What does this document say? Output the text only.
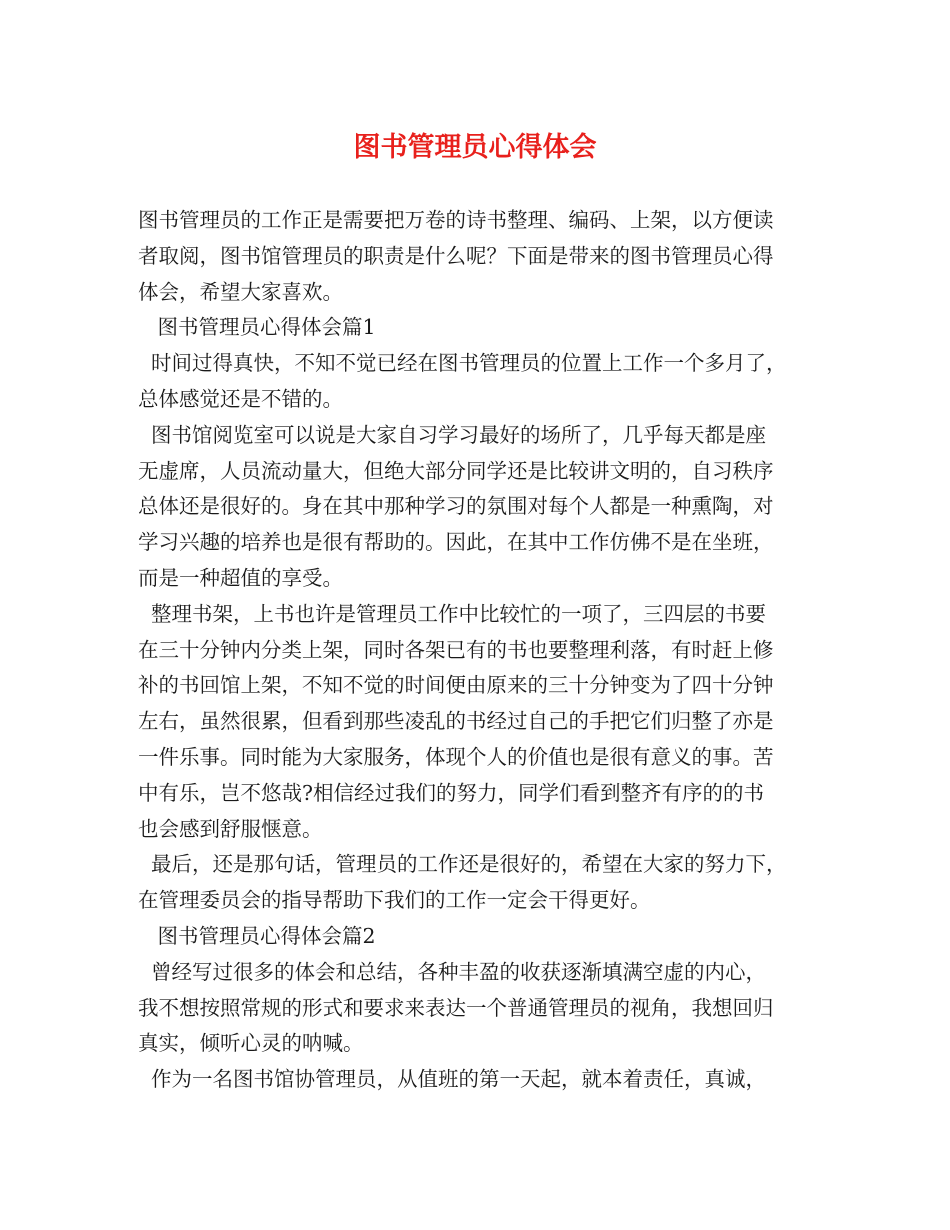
图书管理员心得体会
图书管理员的工作正是需要把万卷的诗书整理、编码、上架，以方便读
者取阅，图书馆管理员的职责是什么呢？下面是带来的图书管理员心得
体会，希望大家喜欢。
图书管理员心得体会篇1
时间过得真快，不知不觉已经在图书管理员的位置上工作一个多月了，
总体感觉还是不错的。
图书馆阅览室可以说是大家自习学习最好的场所了，几乎每天都是座
无虚席，人员流动量大，但绝大部分同学还是比较讲文明的，自习秩序
总体还是很好的。身在其中那种学习的氛围对每个人都是一种熏陶，对
学习兴趣的培养也是很有帮助的。因此，在其中工作仿佛不是在坐班，
而是一种超值的享受。
整理书架，上书也许是管理员工作中比较忙的一项了，三四层的书要
在三十分钟内分类上架，同时各架已有的书也要整理利落，有时赶上修
补的书回馆上架，不知不觉的时间便由原来的三十分钟变为了四十分钟
左右，虽然很累，但看到那些凌乱的书经过自己的手把它们归整了亦是
一件乐事。同时能为大家服务，体现个人的价值也是很有意义的事。苦
中有乐，岂不悠哉?相信经过我们的努力，同学们看到整齐有序的的书
也会感到舒服惬意。
最后，还是那句话，管理员的工作还是很好的，希望在大家的努力下，
在管理委员会的指导帮助下我们的工作一定会干得更好。
图书管理员心得体会篇2
曾经写过很多的体会和总结，各种丰盈的收获逐渐填满空虚的内心，
我不想按照常规的形式和要求来表达一个普通管理员的视角，我想回归
真实，倾听心灵的呐喊。
作为一名图书馆协管理员，从值班的第一天起，就本着责任，真诚，
